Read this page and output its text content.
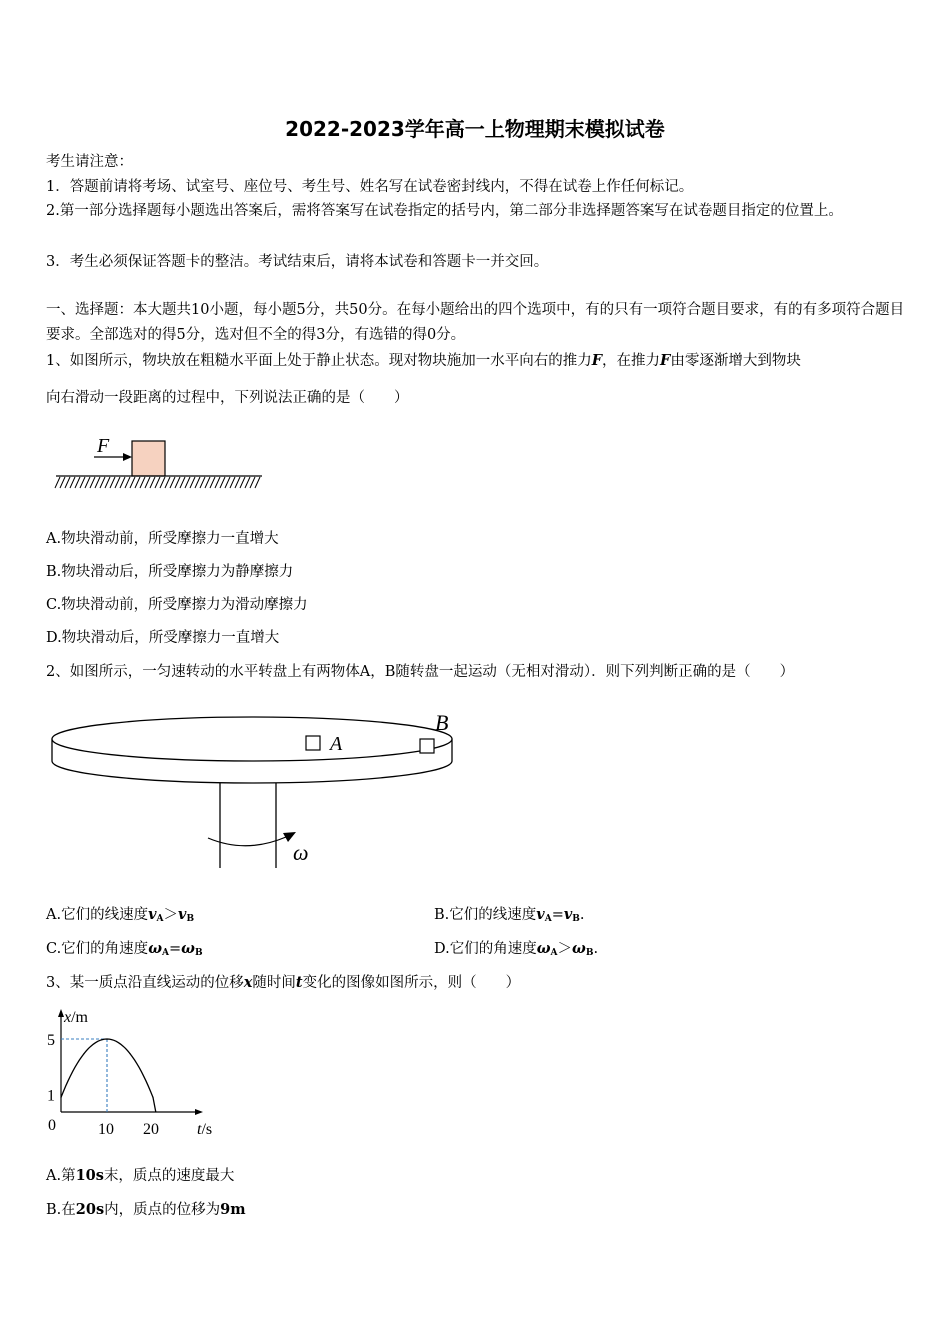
2022-2023学年高一上物理期末模拟试卷
考生请注意：
1．答题前请将考场、试室号、座位号、考生号、姓名写在试卷密封线内，不得在试卷上作任何标记。
2.第一部分选择题每小题选出答案后，需将答案写在试卷指定的括号内，第二部分非选择题答案写在试卷题目指定的位置上。
3．考生必须保证答题卡的整洁。考试结束后，请将本试卷和答题卡一并交回。
一、选择题：本大题共10小题，每小题5分，共50分。在每小题给出的四个选项中，有的只有一项符合题目要求，有的有多项符合题目要求。全部选对的得5分，选对但不全的得3分，有选错的得0分。
1、如图所示，物块放在粗糙水平面上处于静止状态。现对物块施加一水平向右的推力F，在推力F由零逐渐增大到物块
向右滑动一段距离的过程中，下列说法正确的是（　　）
F
A.物块滑动前，所受摩擦力一直增大
B.物块滑动后，所受摩擦力为静摩擦力
C.物块滑动前，所受摩擦力为滑动摩擦力
D.物块滑动后，所受摩擦力一直增大
2、如图所示，一匀速转动的水平转盘上有两物体A，B随转盘一起运动（无相对滑动）．则下列判断正确的是（　　）
A
B
ω
A.它们的线速度$v_A>v_B$	B.它们的线速度$v_A=v_B$.
C.它们的角速度$\omega_A=\omega_B$	D.它们的角速度$\omega_A>\omega_B$.
3、某一质点沿直线运动的位移x随时间t变化的图像如图所示，则（　　）
0	10 20
1
5
x/m
t/s
A.第10s末，质点的速度最大
B.在20s内，质点的位移为9m
